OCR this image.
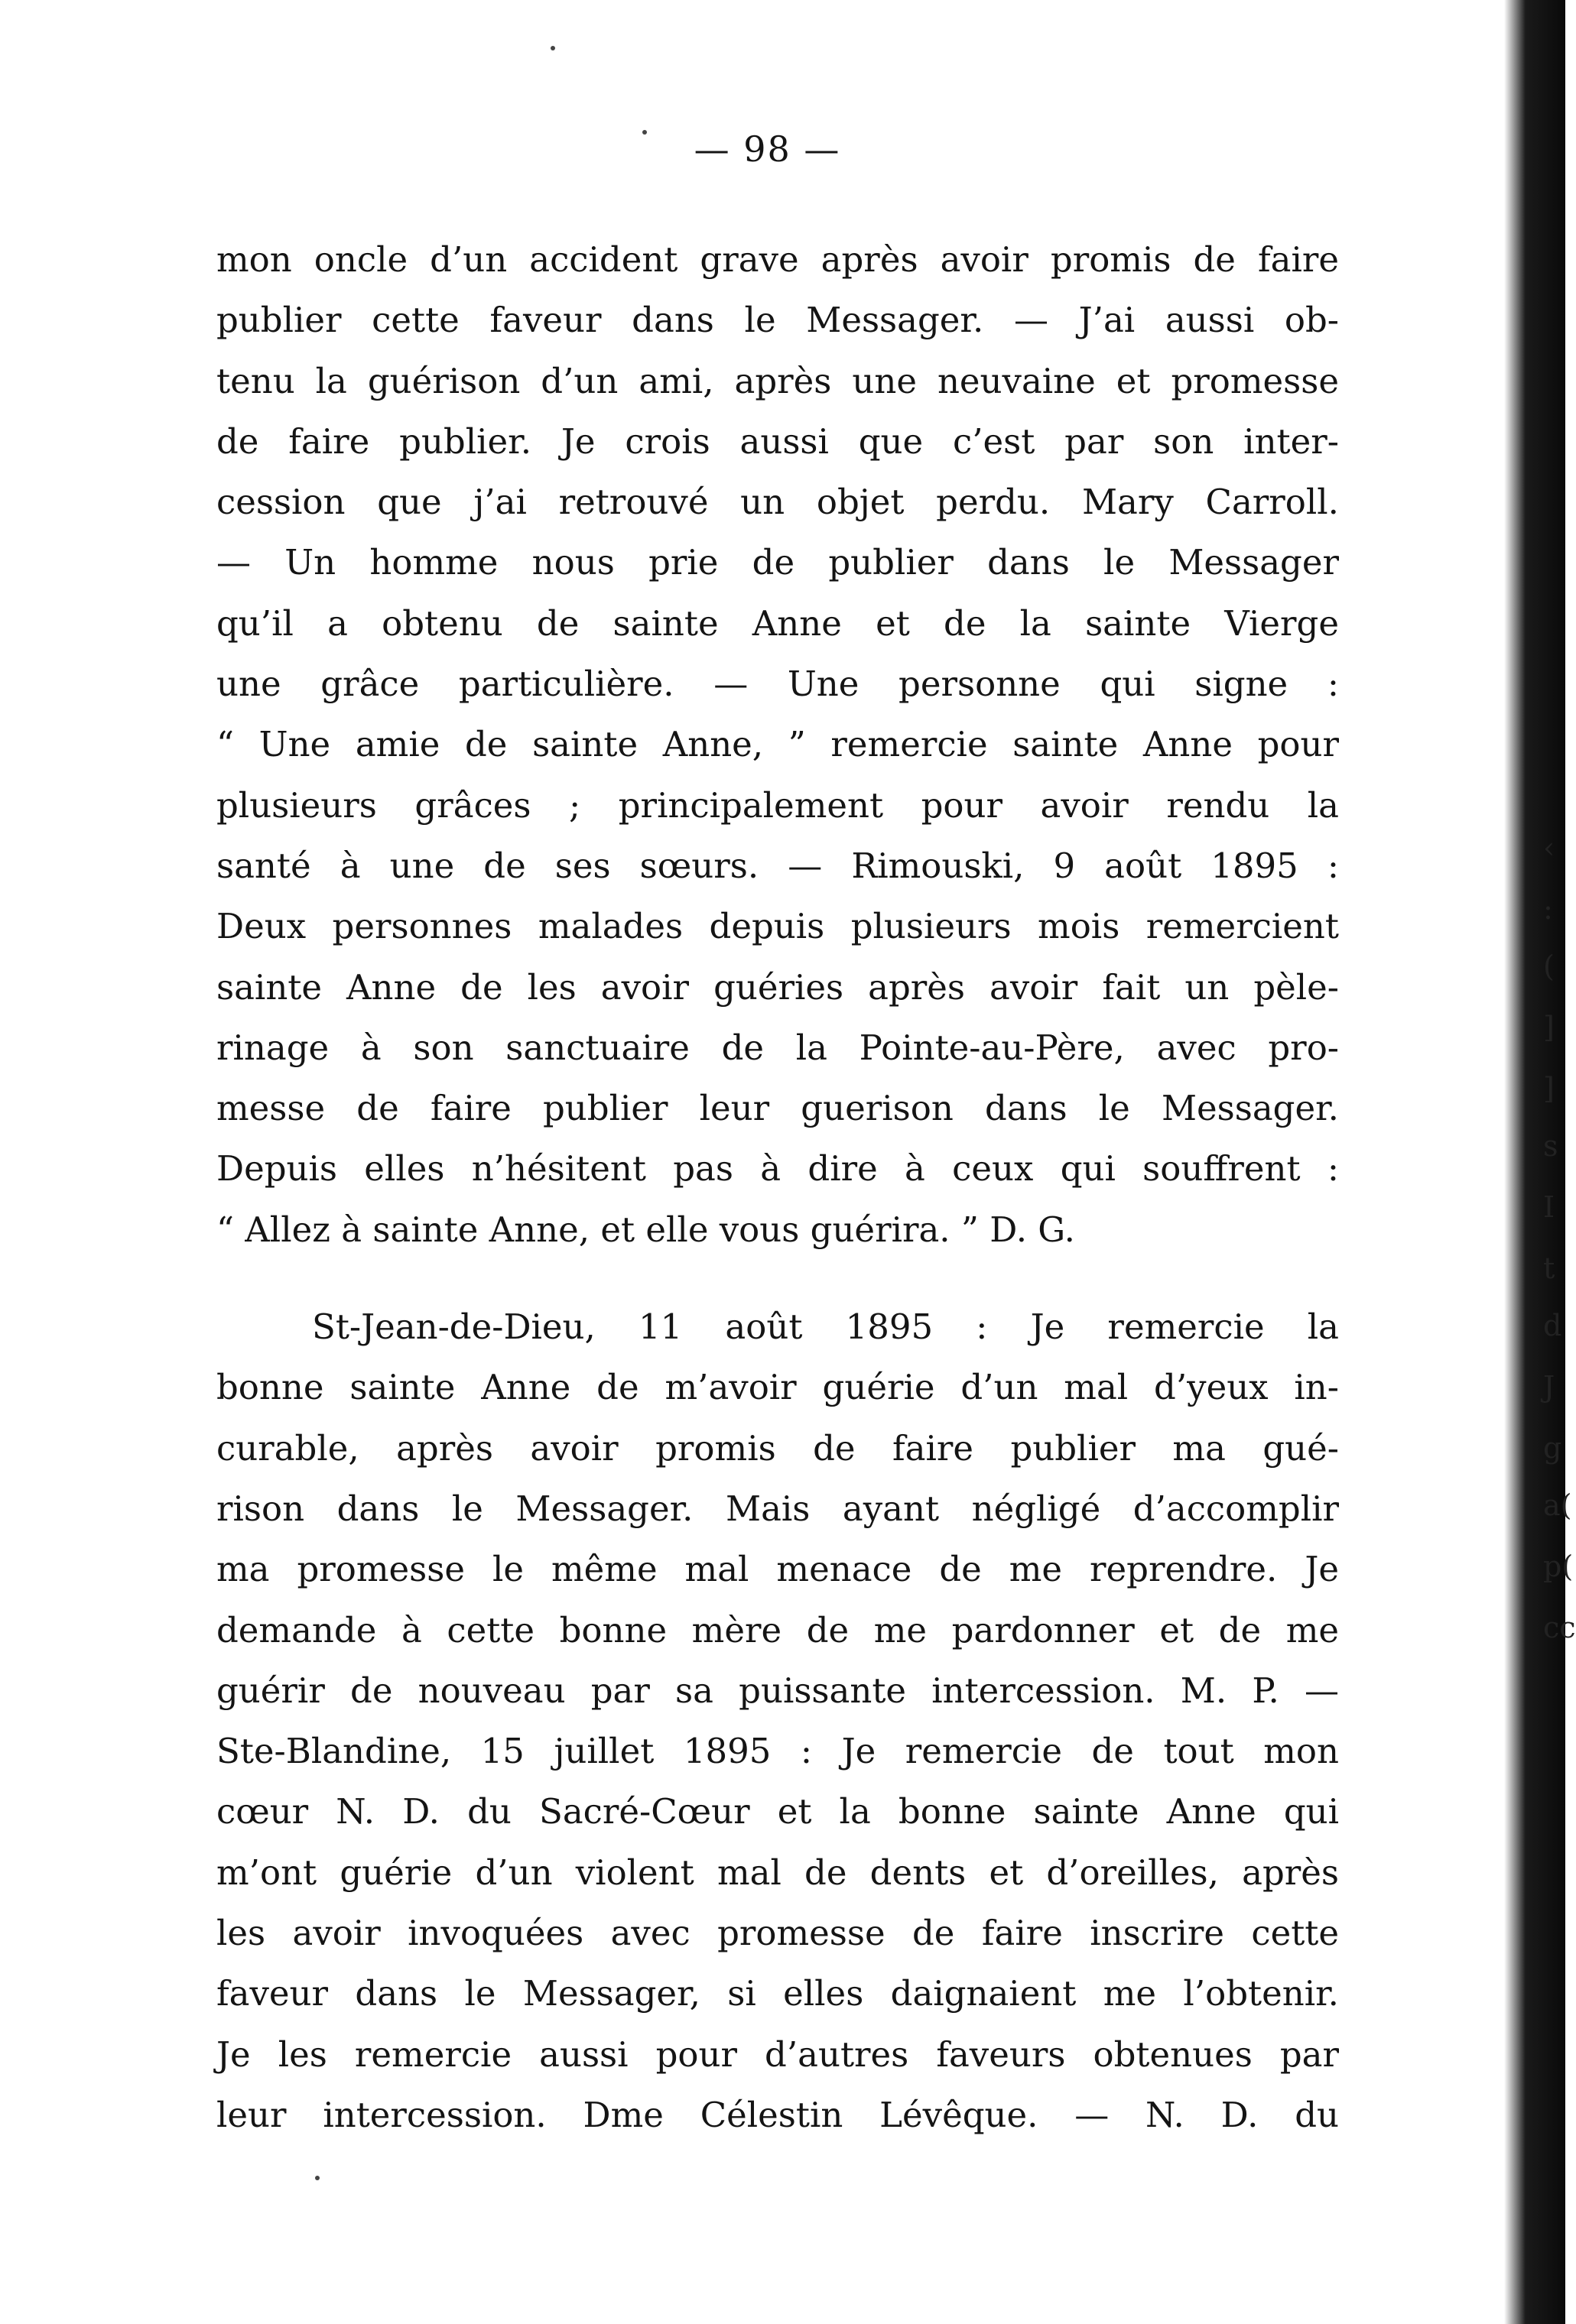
— 98 —
mon oncle d’un accident grave après avoir promis de faire
publier cette faveur dans le Messager. — J’ai aussi ob-
tenu la guérison d’un ami, après une neuvaine et promesse
de faire publier. Je crois aussi que c’est par son inter-
cession que j’ai retrouvé un objet perdu. Mary Carroll.
— Un homme nous prie de publier dans le Messager
qu’il a obtenu de sainte Anne et de la sainte Vierge
une grâce particulière. — Une personne qui signe :
“ Une amie de sainte Anne, ” remercie sainte Anne pour
plusieurs grâces ; principalement pour avoir rendu la
santé à une de ses sœurs. — Rimouski, 9 août 1895 :
Deux personnes malades depuis plusieurs mois remercient
sainte Anne de les avoir guéries après avoir fait un pèle-
rinage à son sanctuaire de la Pointe-au-Père, avec pro-
messe de faire publier leur guerison dans le Messager.
Depuis elles n’hésitent pas à dire à ceux qui souffrent :
“ Allez à sainte Anne, et elle vous guérira. ” D. G.
St-Jean-de-Dieu, 11 août 1895 : Je remercie la
bonne sainte Anne de m’avoir guérie d’un mal d’yeux in-
curable, après avoir promis de faire publier ma gué-
rison dans le Messager. Mais ayant négligé d’accomplir
ma promesse le même mal menace de me reprendre. Je
demande à cette bonne mère de me pardonner et de me
guérir de nouveau par sa puissante intercession. M. P. —
Ste-Blandine, 15 juillet 1895 : Je remercie de tout mon
cœur N. D. du Sacré-Cœur et la bonne sainte Anne qui
m’ont guérie d’un violent mal de dents et d’oreilles, après
les avoir invoquées avec promesse de faire inscrire cette
faveur dans le Messager, si elles daignaient me l’obtenir.
Je les remercie aussi pour d’autres faveurs obtenues par
leur intercession. Dme Célestin Lévêque. — N. D. du
‹
:
(
]
]
s
I
t
d
J
g
a(
p(
cc
